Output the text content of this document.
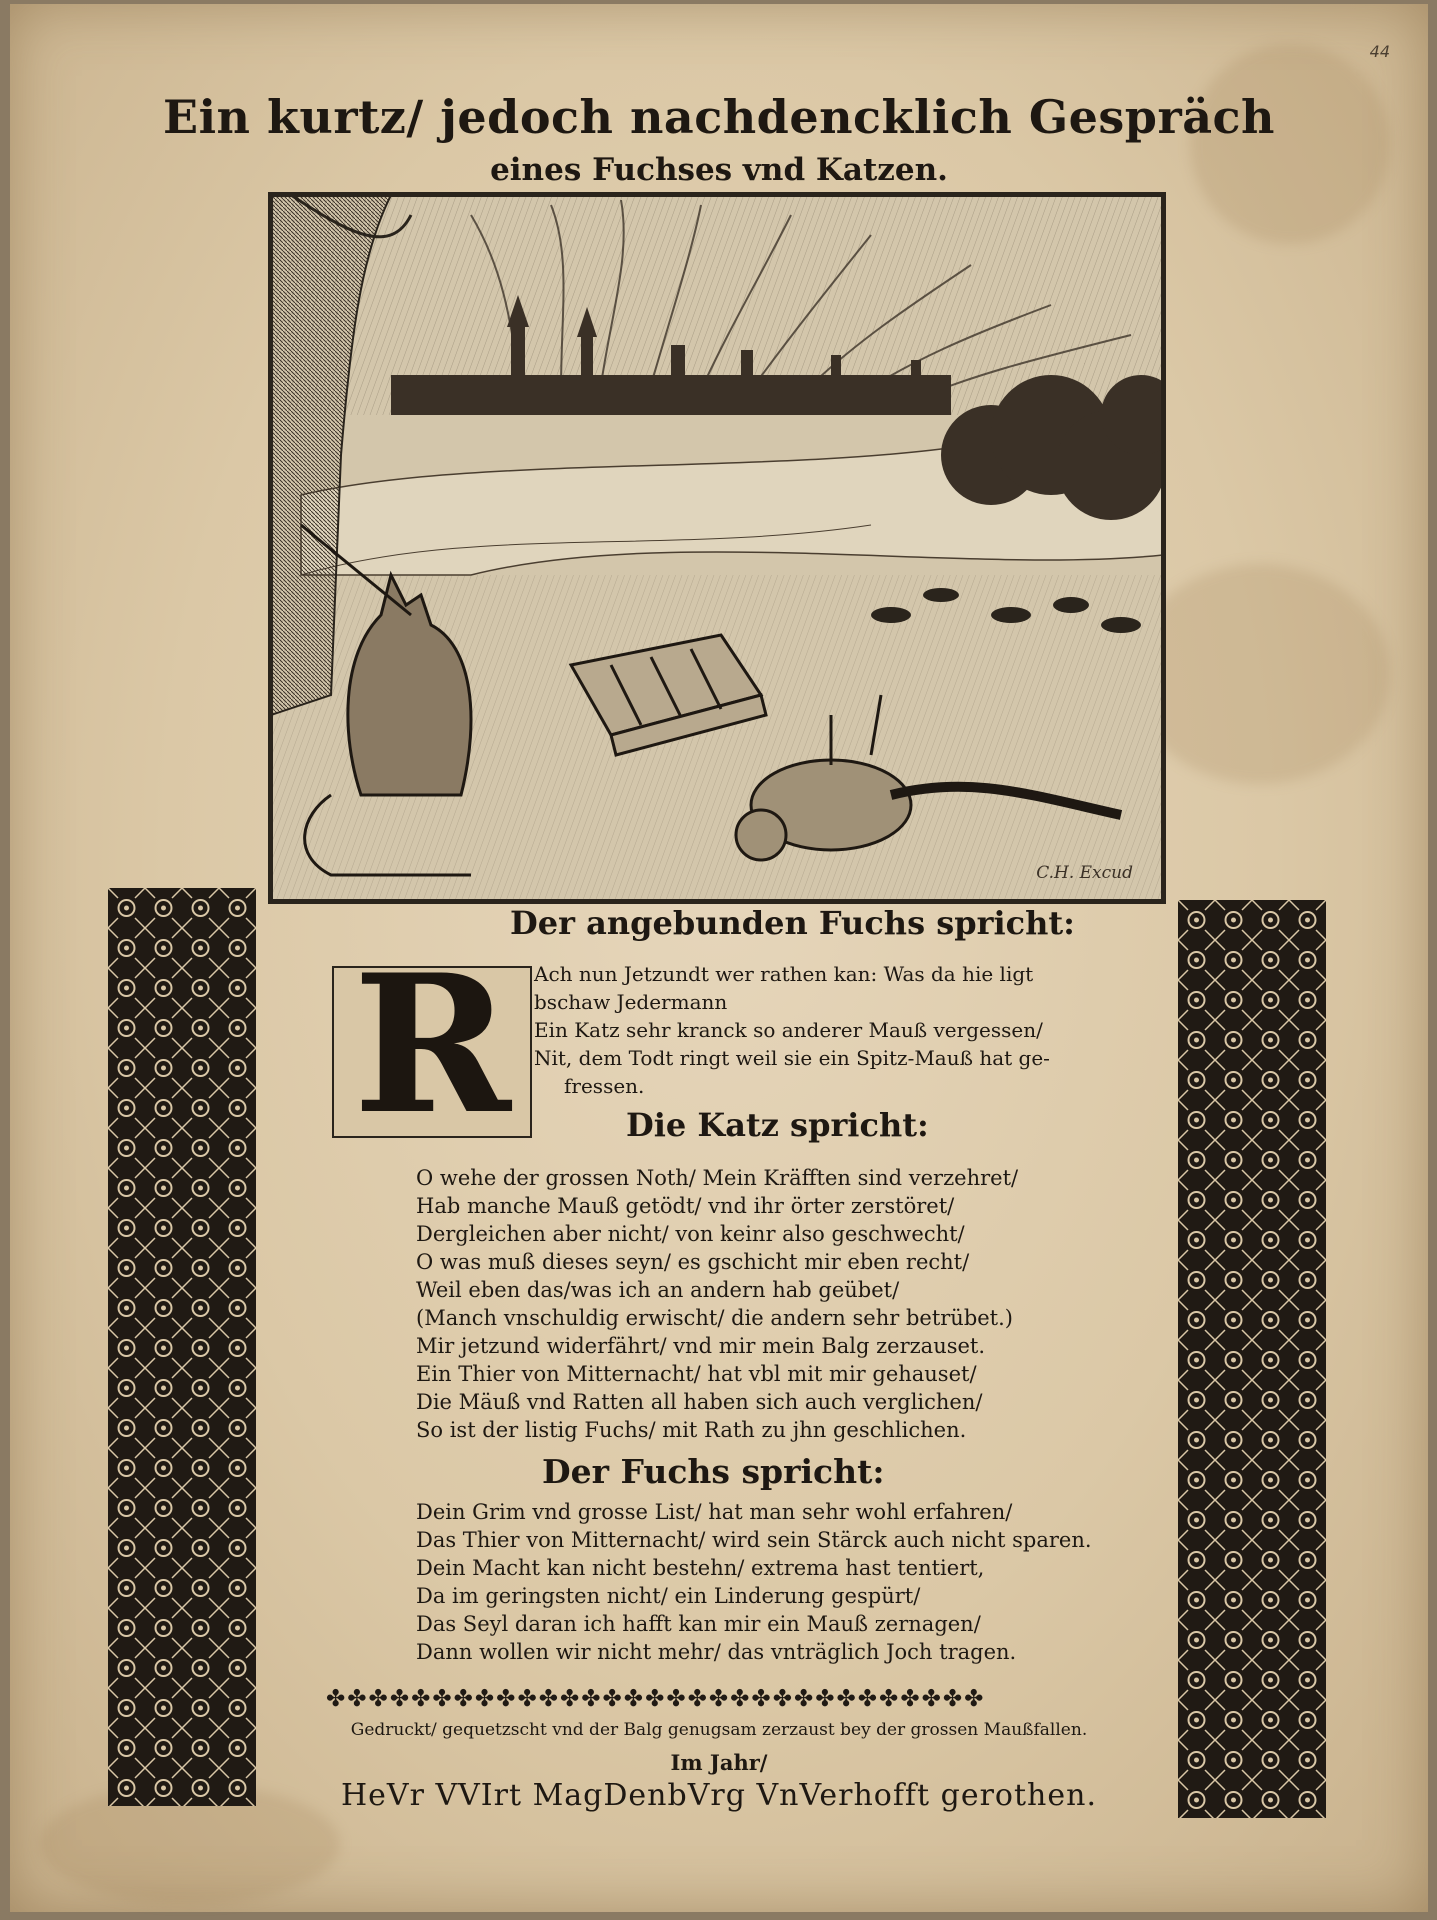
44
Ein kurtz/ jedoch nachdencklich Gespräch
eines Fuchses vnd Katzen.
C.H. Excud
Der angebunden Fuchs spricht:
R	Ach nun Jetzundt wer rathen kan: Was da hie ligt
bschaw Jedermann
Ein Katz sehr kranck so anderer Mauß vergessen/
Nit, dem Todt ringt weil sie ein Spitz-Mauß hat ge-
fressen.
Die Katz spricht:
O wehe der grossen Noth/ Mein Kräfften sind verzehret/
Hab manche Mauß getödt/ vnd ihr örter zerstöret/
Dergleichen aber nicht/ von keinr also geschwecht/
O was muß dieses seyn/ es gschicht mir eben recht/
Weil eben das/was ich an andern hab geübet/
(Manch vnschuldig erwischt/ die andern sehr betrübet.)
Mir jetzund widerfährt/ vnd mir mein Balg zerzauset.
Ein Thier von Mitternacht/ hat vbl mit mir gehauset/
Die Mäuß vnd Ratten all haben sich auch verglichen/
So ist der listig Fuchs/ mit Rath zu jhn geschlichen.
Der Fuchs spricht:
Dein Grim vnd grosse List/ hat man sehr wohl erfahren/
Das Thier von Mitternacht/ wird sein Stärck auch nicht sparen.
Dein Macht kan nicht bestehn/ extrema hast tentiert,
Da im geringsten nicht/ ein Linderung gespürt/
Das Seyl daran ich hafft kan mir ein Mauß zernagen/
Dann wollen wir nicht mehr/ das vnträglich Joch tragen.
✤✤✤✤✤✤✤✤✤✤✤✤✤✤✤✤✤✤✤✤✤✤✤✤✤✤✤✤✤✤✤
Gedruckt/ gequetzscht vnd der Balg genugsam zerzaust bey der grossen Maußfallen.
Im Jahr/
HeVr VVIrt MagDenbVrg VnVerhofft gerothen.
